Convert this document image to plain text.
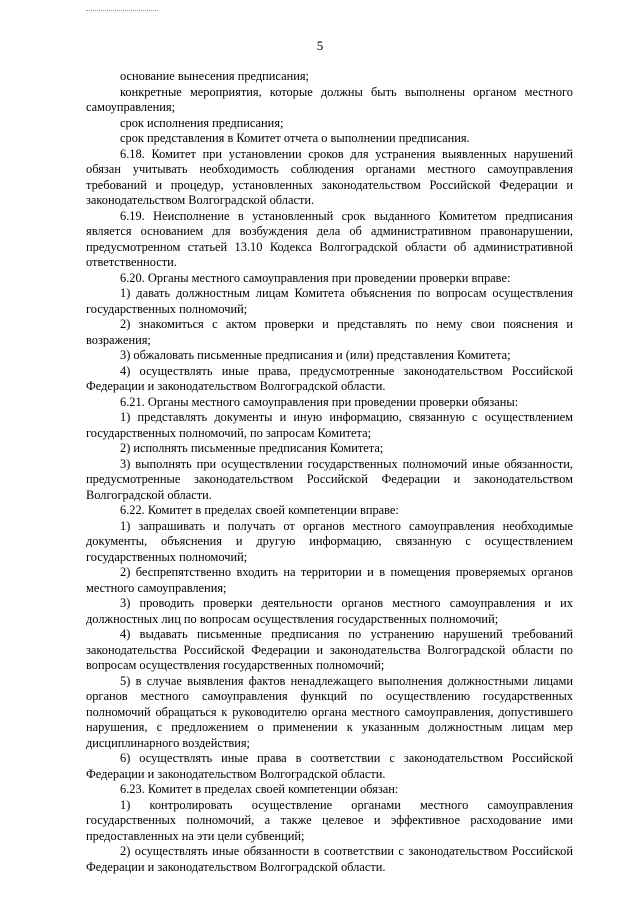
5

основание вынесения предписания;

конкретные мероприятия, которые должны быть выполнены органом местного самоуправления;

срок исполнения предписания;

срок представления в Комитет отчета о выполнении предписания.

6.18. Комитет при установлении сроков для устранения выявленных нарушений обязан учитывать необходимость соблюдения органами местного самоуправления требований и процедур, установленных законодательством Российской Федерации и законодательством Волгоградской области.

6.19. Неисполнение в установленный срок выданного Комитетом предписания является основанием для возбуждения дела об административном правонарушении, предусмотренном статьей 13.10 Кодекса Волгоградской области об административной ответственности.

6.20. Органы местного самоуправления при проведении проверки вправе:

1) давать должностным лицам Комитета объяснения по вопросам осуществления государственных полномочий;

2) знакомиться с актом проверки и представлять по нему свои пояснения и возражения;

3) обжаловать письменные предписания и (или) представления Комитета;

4) осуществлять иные права, предусмотренные законодательством Российской Федерации и законодательством Волгоградской области.

6.21. Органы местного самоуправления при проведении проверки обязаны:

1) представлять документы и иную информацию, связанную с осуществлением государственных полномочий, по запросам Комитета;

2) исполнять письменные предписания Комитета;

3) выполнять при осуществлении государственных полномочий иные обязанности, предусмотренные законодательством Российской Федерации и законодательством Волгоградской области.

6.22. Комитет в пределах своей компетенции вправе:

1) запрашивать и получать от органов местного самоуправления необходимые документы, объяснения и другую информацию, связанную с осуществлением государственных полномочий;

2) беспрепятственно входить на территории и в помещения проверяемых органов местного самоуправления;

3) проводить проверки деятельности органов местного самоуправления и их должностных лиц по вопросам осуществления государственных полномочий;

4) выдавать письменные предписания по устранению нарушений требований законодательства Российской Федерации и законодательства Волгоградской области по вопросам осуществления государственных полномочий;

5) в случае выявления фактов ненадлежащего выполнения должностными лицами органов местного самоуправления функций по осуществлению государственных полномочий обращаться к руководителю органа местного самоуправления, допустившего нарушения, с предложением о применении к указанным должностным лицам мер дисциплинарного воздействия;

6) осуществлять иные права в соответствии с законодательством Российской Федерации и законодательством Волгоградской области.

6.23. Комитет в пределах своей компетенции обязан:

1) контролировать осуществление органами местного самоуправления государственных полномочий, а также целевое и эффективное расходование ими предоставленных на эти цели субвенций;

2) осуществлять иные обязанности в соответствии с законодательством Российской Федерации и законодательством Волгоградской области.
